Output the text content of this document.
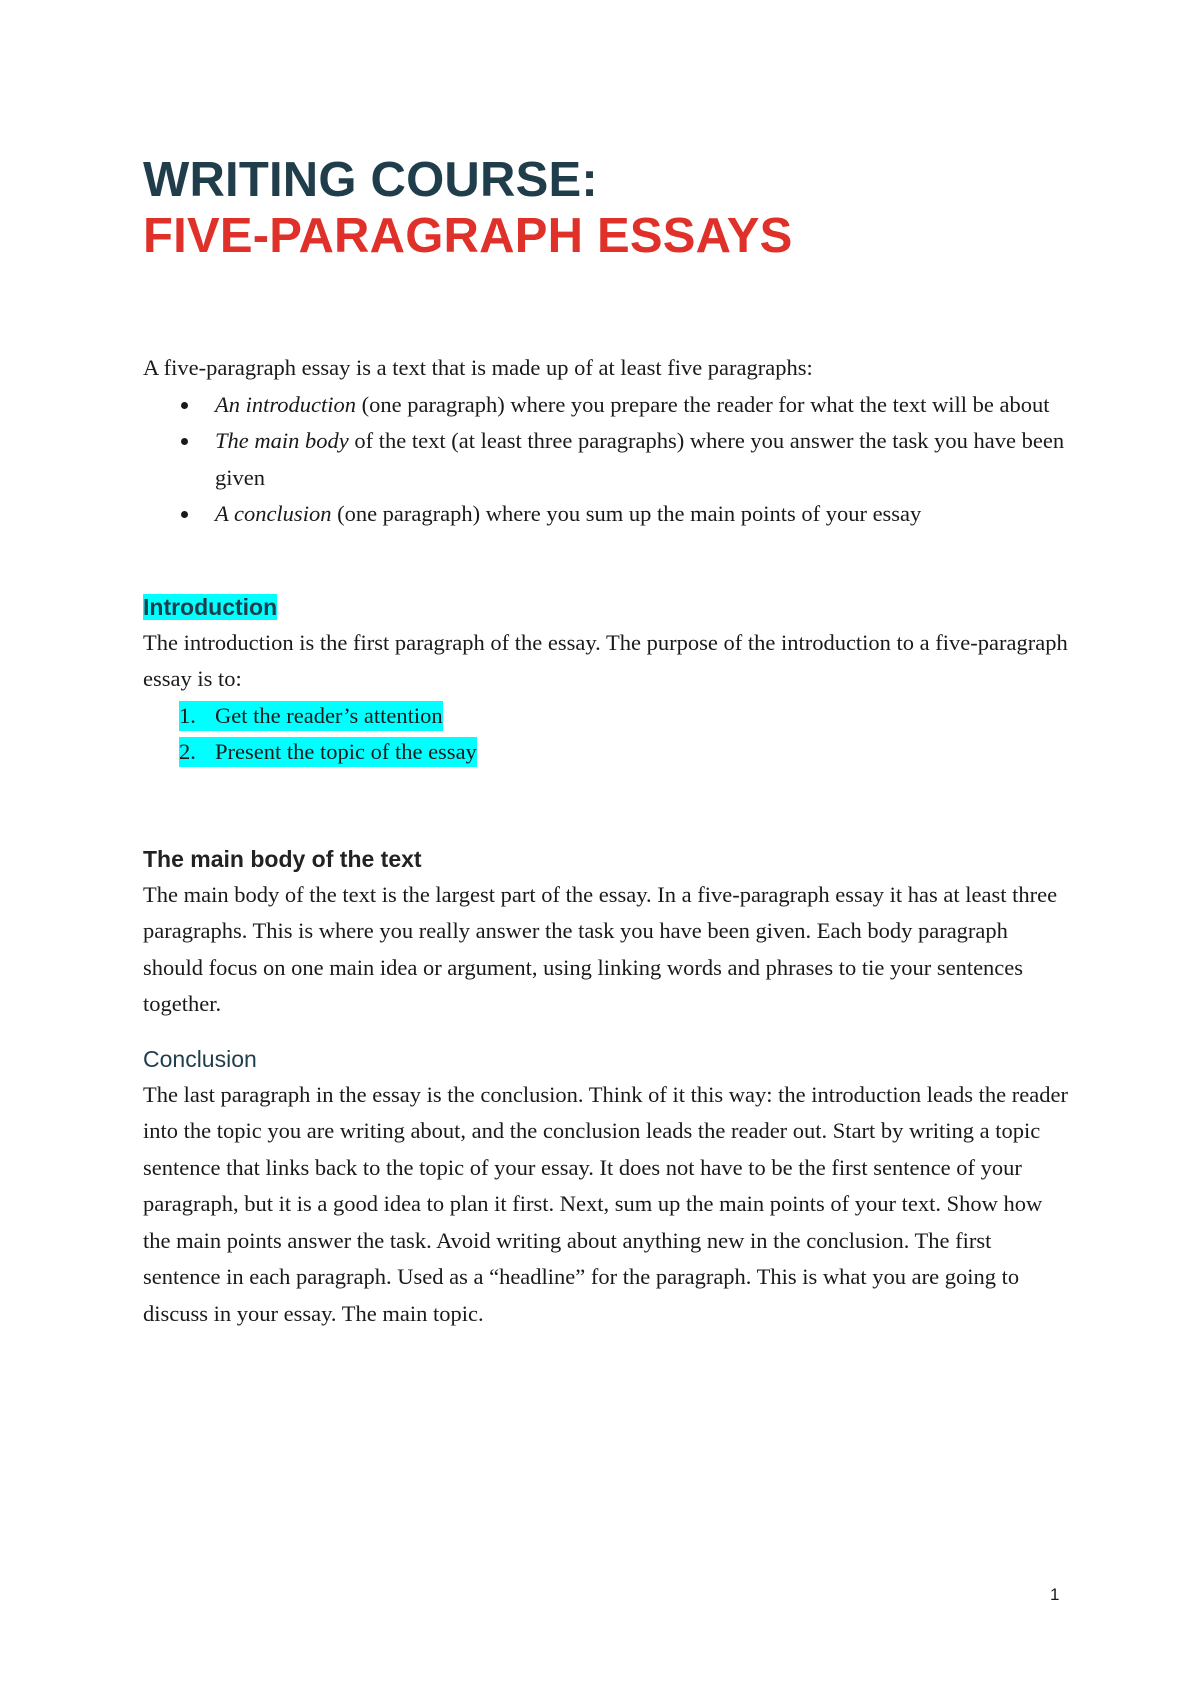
WRITING COURSE:
FIVE-PARAGRAPH ESSAYS

A five-paragraph essay is a text that is made up of at least five paragraphs:

An introduction (one paragraph) where you prepare the reader for what the text will be about
The main body of the text (at least three paragraphs) where you answer the task you have been given
A conclusion (one paragraph) where you sum up the main points of your essay
Introduction

The introduction is the first paragraph of the essay. The purpose of the introduction to a five-paragraph essay is to:

1. Get the reader’s attention
2. Present the topic of the essay
The main body of the text

The main body of the text is the largest part of the essay. In a five-paragraph essay it has at least three paragraphs. This is where you really answer the task you have been given. Each body paragraph should focus on one main idea or argument, using linking words and phrases to tie your sentences together.

Conclusion

The last paragraph in the essay is the conclusion. Think of it this way: the introduction leads the reader into the topic you are writing about, and the conclusion leads the reader out. Start by writing a topic sentence that links back to the topic of your essay. It does not have to be the first sentence of your paragraph, but it is a good idea to plan it first. Next, sum up the main points of your text. Show how the main points answer the task. Avoid writing about anything new in the conclusion. The first sentence in each paragraph. Used as a “headline” for the paragraph. This is what you are going to discuss in your essay. The main topic.

1
